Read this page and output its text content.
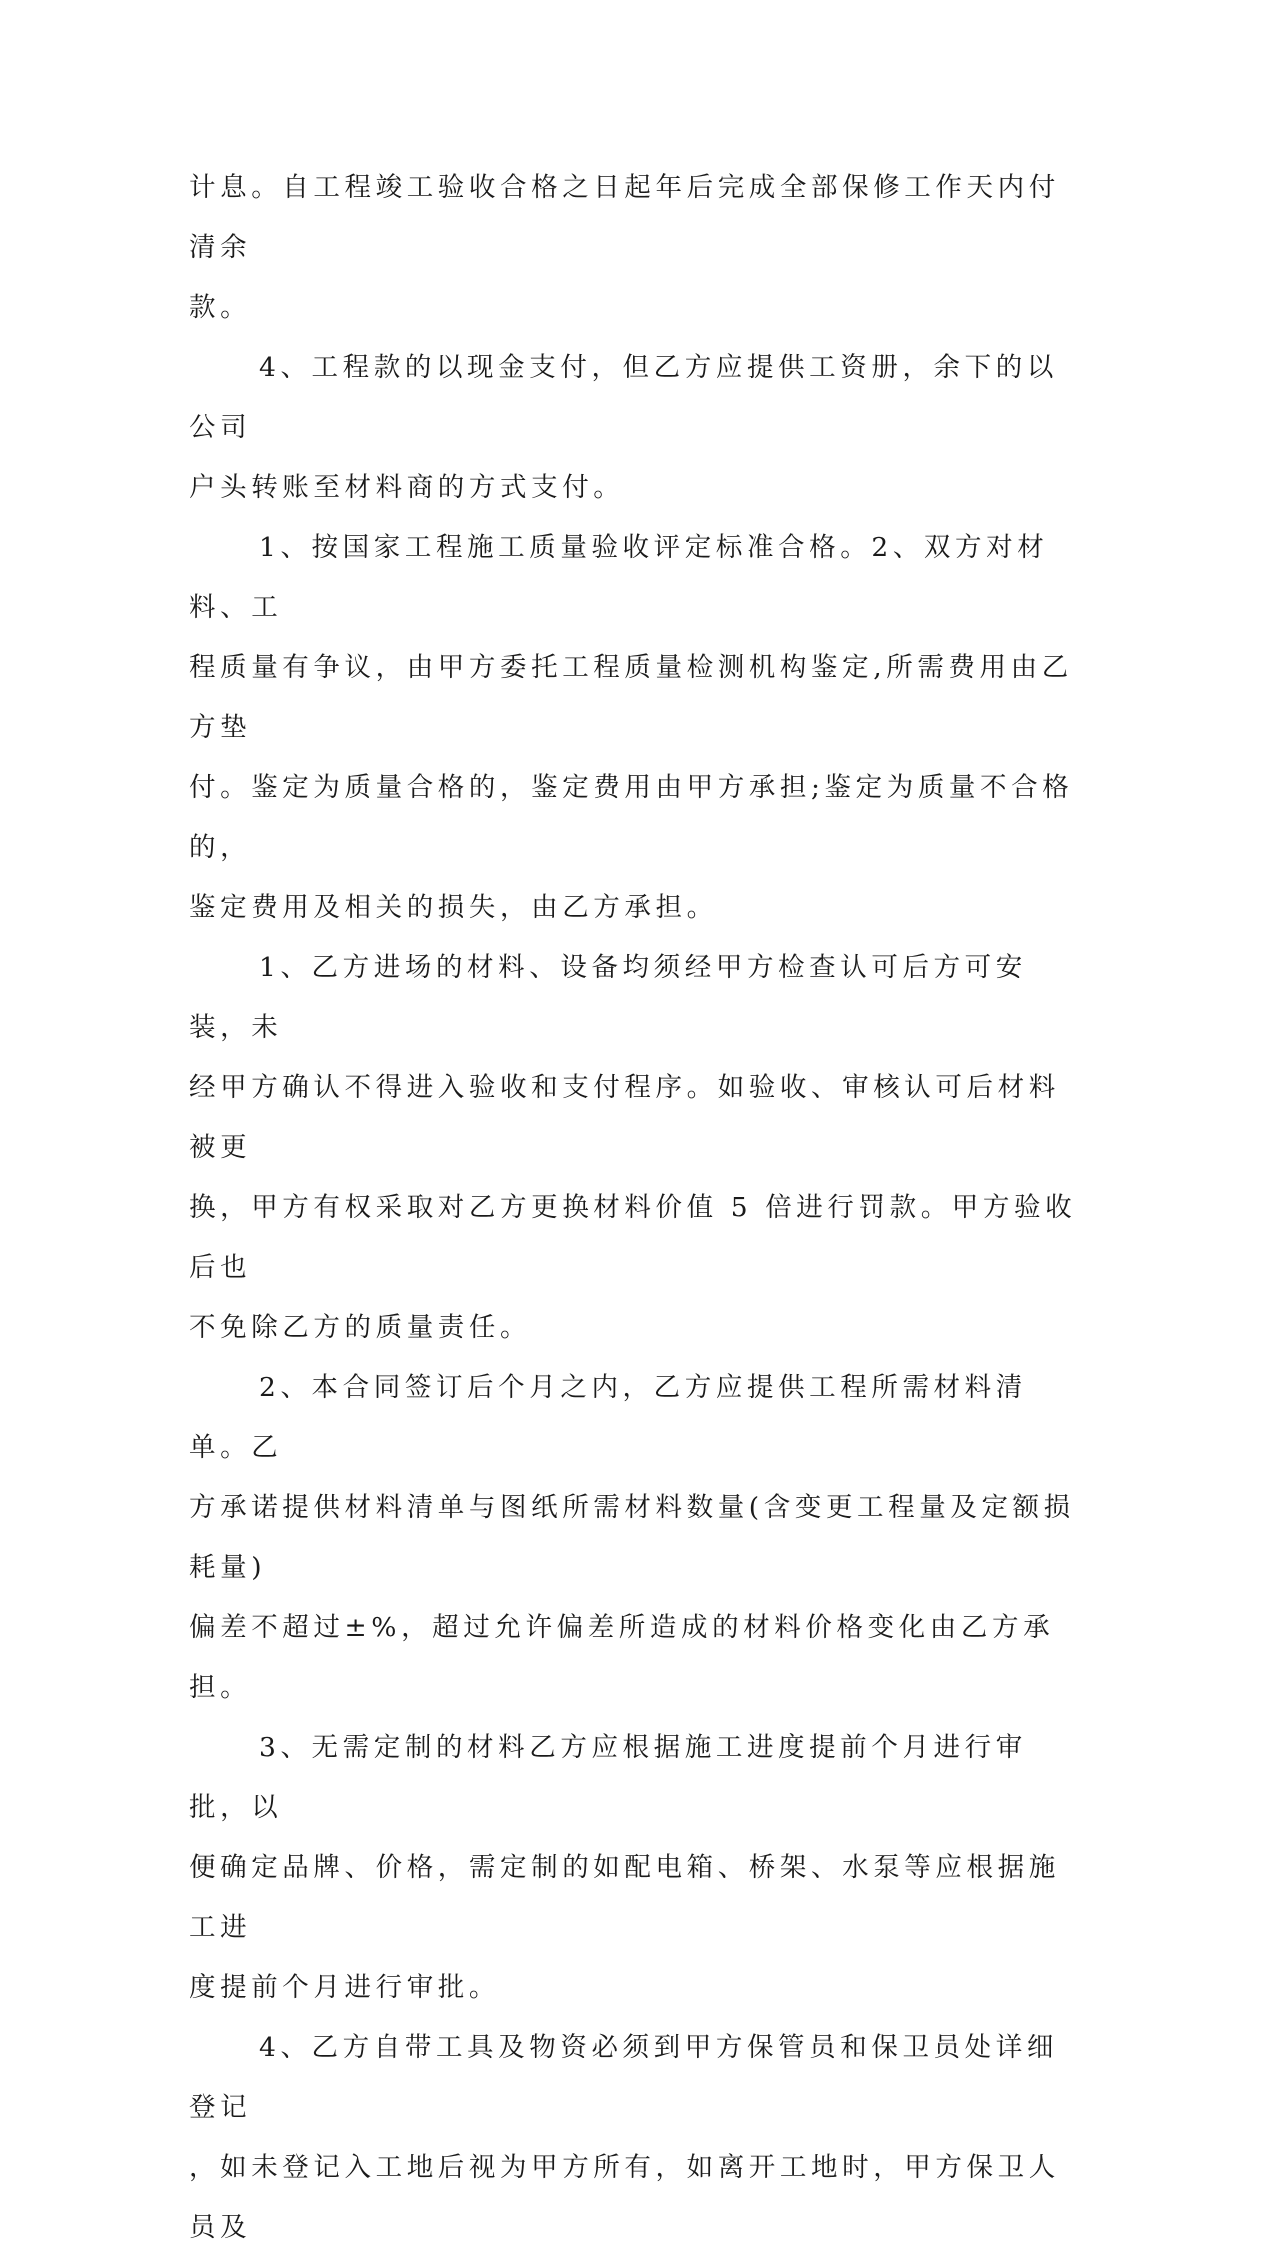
计息。自工程竣工验收合格之日起年后完成全部保修工作天内付清余
款。

4、工程款的以现金支付，但乙方应提供工资册，余下的以公司
户头转账至材料商的方式支付。

1、按国家工程施工质量验收评定标准合格。2、双方对材料、工
程质量有争议，由甲方委托工程质量检测机构鉴定,所需费用由乙方垫
付。鉴定为质量合格的，鉴定费用由甲方承担;鉴定为质量不合格的，
鉴定费用及相关的损失，由乙方承担。

1、乙方进场的材料、设备均须经甲方检查认可后方可安装，未
经甲方确认不得进入验收和支付程序。如验收、审核认可后材料被更
换，甲方有权采取对乙方更换材料价值 5 倍进行罚款。甲方验收后也
不免除乙方的质量责任。

2、本合同签订后个月之内，乙方应提供工程所需材料清单。乙
方承诺提供材料清单与图纸所需材料数量(含变更工程量及定额损耗量)
偏差不超过±%，超过允许偏差所造成的材料价格变化由乙方承担。

3、无需定制的材料乙方应根据施工进度提前个月进行审批，以
便确定品牌、价格，需定制的如配电箱、桥架、水泵等应根据施工进
度提前个月进行审批。

4、乙方自带工具及物资必须到甲方保管员和保卫员处详细登记
，如未登记入工地后视为甲方所有，如离开工地时，甲方保卫人员及
